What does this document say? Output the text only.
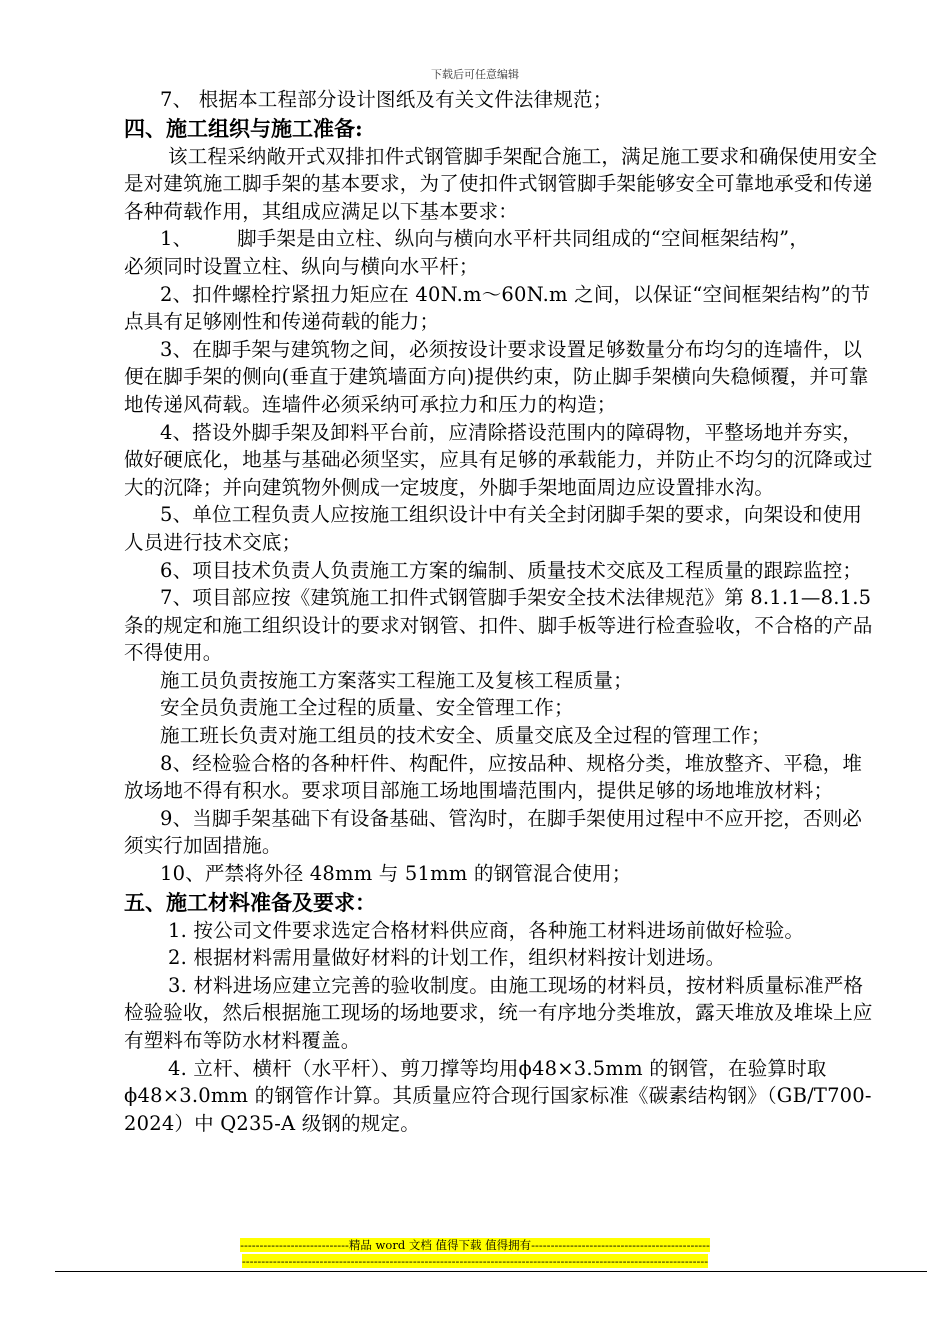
下载后可任意编辑

7、 根据本工程部分设计图纸及有关文件法律规范；

四、施工组织与施工准备:

该工程采纳敞开式双排扣件式钢管脚手架配合施工，满足施工要求和确保使用安全是对建筑施工脚手架的基本要求，为了使扣件式钢管脚手架能够安全可靠地承受和传递各种荷载作用，其组成应满足以下基本要求：

1、       脚手架是由立柱、纵向与横向水平杆共同组成的“空间框架结构”，

必须同时设置立柱、纵向与横向水平杆；

2、扣件螺栓拧紧扭力矩应在 40N.m～60N.m 之间，以保证“空间框架结构”的节点具有足够刚性和传递荷载的能力；

3、在脚手架与建筑物之间，必须按设计要求设置足够数量分布均匀的连墙件，以便在脚手架的侧向(垂直于建筑墙面方向)提供约束，防止脚手架横向失稳倾覆，并可靠地传递风荷载。连墙件必须采纳可承拉力和压力的构造；

4、搭设外脚手架及卸料平台前，应清除搭设范围内的障碍物，平整场地并夯实，做好硬底化，地基与基础必须坚实，应具有足够的承载能力，并防止不均匀的沉降或过大的沉降；并向建筑物外侧成一定坡度，外脚手架地面周边应设置排水沟。

5、单位工程负责人应按施工组织设计中有关全封闭脚手架的要求，向架设和使用人员进行技术交底；

6、项目技术负责人负责施工方案的编制、质量技术交底及工程质量的跟踪监控；

7、项目部应按《建筑施工扣件式钢管脚手架安全技术法律规范》第 8.1.1—8.1.5 条的规定和施工组织设计的要求对钢管、扣件、脚手板等进行检查验收，不合格的产品不得使用。

施工员负责按施工方案落实工程施工及复核工程质量；

安全员负责施工全过程的质量、安全管理工作；

施工班长负责对施工组员的技术安全、质量交底及全过程的管理工作；

8、经检验合格的各种杆件、构配件，应按品种、规格分类，堆放整齐、平稳，堆放场地不得有积水。要求项目部施工场地围墙范围内，提供足够的场地堆放材料；

9、当脚手架基础下有设备基础、管沟时，在脚手架使用过程中不应开挖，否则必须实行加固措施。

10、严禁将外径 48mm 与 51mm 的钢管混合使用；

五、施工材料准备及要求：

1. 按公司文件要求选定合格材料供应商，各种施工材料进场前做好检验。

2. 根据材料需用量做好材料的计划工作，组织材料按计划进场。

3. 材料进场应建立完善的验收制度。由施工现场的材料员，按材料质量标准严格检验验收，然后根据施工现场的场地要求，统一有序地分类堆放，露天堆放及堆垛上应有塑料布等防水材料覆盖。

4. 立杆、横杆（水平杆）、剪刀撑等均用ϕ48×3.5mm 的钢管，在验算时取ϕ48×3.0mm 的钢管作计算。其质量应符合现行国家标准《碳素结构钢》（GB/T700-2024）中 Q235-A 级钢的规定。

----------------------------精品 word 文档 值得下载 值得拥有----------------------------------------------
------------------------------------------------------------------------------------------------------------------------
